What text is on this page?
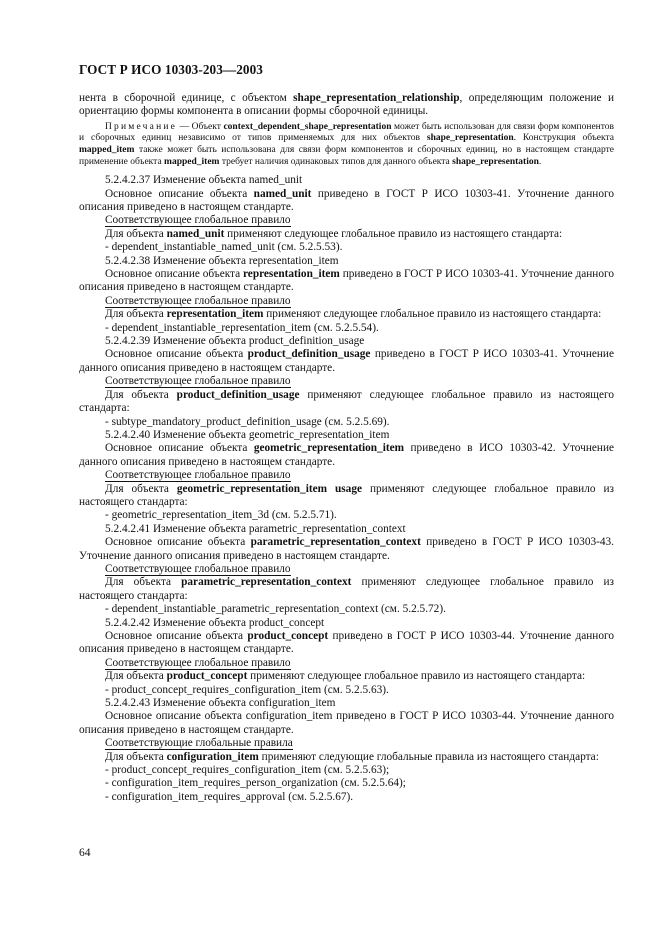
ГОСТ Р ИСО 10303-203—2003

нента в сборочной единице, с объектом shape_representation_relationship, определяющим положение и ориентацию формы компонента в описании формы сборочной единицы.

Примечание — Объект context_dependent_shape_representation может быть использован для связи форм компонентов и сборочных единиц независимо от типов применяемых для них объектов shape_representation. Конструкция объекта mapped_item также может быть использована для связи форм компонентов и сборочных единиц, но в настоящем стандарте применение объекта mapped_item требует наличия одинаковых типов для данного объекта shape_representation.

5.2.4.2.37 Изменение объекта named_unit

Основное описание объекта named_unit приведено в ГОСТ Р ИСО 10303-41. Уточнение данного описания приведено в настоящем стандарте.

Соответствующее глобальное правило

Для объекта named_unit применяют следующее глобальное правило из настоящего стандарта:

- dependent_instantiable_named_unit (см. 5.2.5.53).

5.2.4.2.38 Изменение объекта representation_item

Основное описание объекта representation_item приведено в ГОСТ Р ИСО 10303-41. Уточнение данного описания приведено в настоящем стандарте.

Соответствующее глобальное правило

Для объекта representation_item применяют следующее глобальное правило из настоящего стандарта:

- dependent_instantiable_representation_item (см. 5.2.5.54).

5.2.4.2.39 Изменение объекта product_definition_usage

Основное описание объекта product_definition_usage приведено в ГОСТ Р ИСО 10303-41. Уточнение данного описания приведено в настоящем стандарте.

Соответствующее глобальное правило

Для объекта product_definition_usage применяют следующее глобальное правило из настоящего стандарта:

- subtype_mandatory_product_definition_usage (см. 5.2.5.69).

5.2.4.2.40 Изменение объекта geometric_representation_item

Основное описание объекта geometric_representation_item приведено в ИСО 10303-42. Уточнение данного описания приведено в настоящем стандарте.

Соответствующее глобальное правило

Для объекта geometric_representation_item usage применяют следующее глобальное правило из настоящего стандарта:

- geometric_representation_item_3d (см. 5.2.5.71).

5.2.4.2.41 Изменение объекта parametric_representation_context

Основное описание объекта parametric_representation_context приведено в ГОСТ Р ИСО 10303-43. Уточнение данного описания приведено в настоящем стандарте.

Соответствующее глобальное правило

Для объекта parametric_representation_context применяют следующее глобальное правило из настоящего стандарта:

- dependent_instantiable_parametric_representation_context (см. 5.2.5.72).

5.2.4.2.42 Изменение объекта product_concept

Основное описание объекта product_concept приведено в ГОСТ Р ИСО 10303-44. Уточнение данного описания приведено в настоящем стандарте.

Соответствующее глобальное правило

Для объекта product_concept применяют следующее глобальное правило из настоящего стандарта:

- product_concept_requires_configuration_item (см. 5.2.5.63).

5.2.4.2.43 Изменение объекта configuration_item

Основное описание объекта configuration_item приведено в ГОСТ Р ИСО 10303-44. Уточнение данного описания приведено в настоящем стандарте.

Соответствующие глобальные правила

Для объекта configuration_item применяют следующие глобальные правила из настоящего стандарта:

- product_concept_requires_configuration_item (см. 5.2.5.63);

- configuration_item_requires_person_organization (см. 5.2.5.64);

- configuration_item_requires_approval (см. 5.2.5.67).

64
